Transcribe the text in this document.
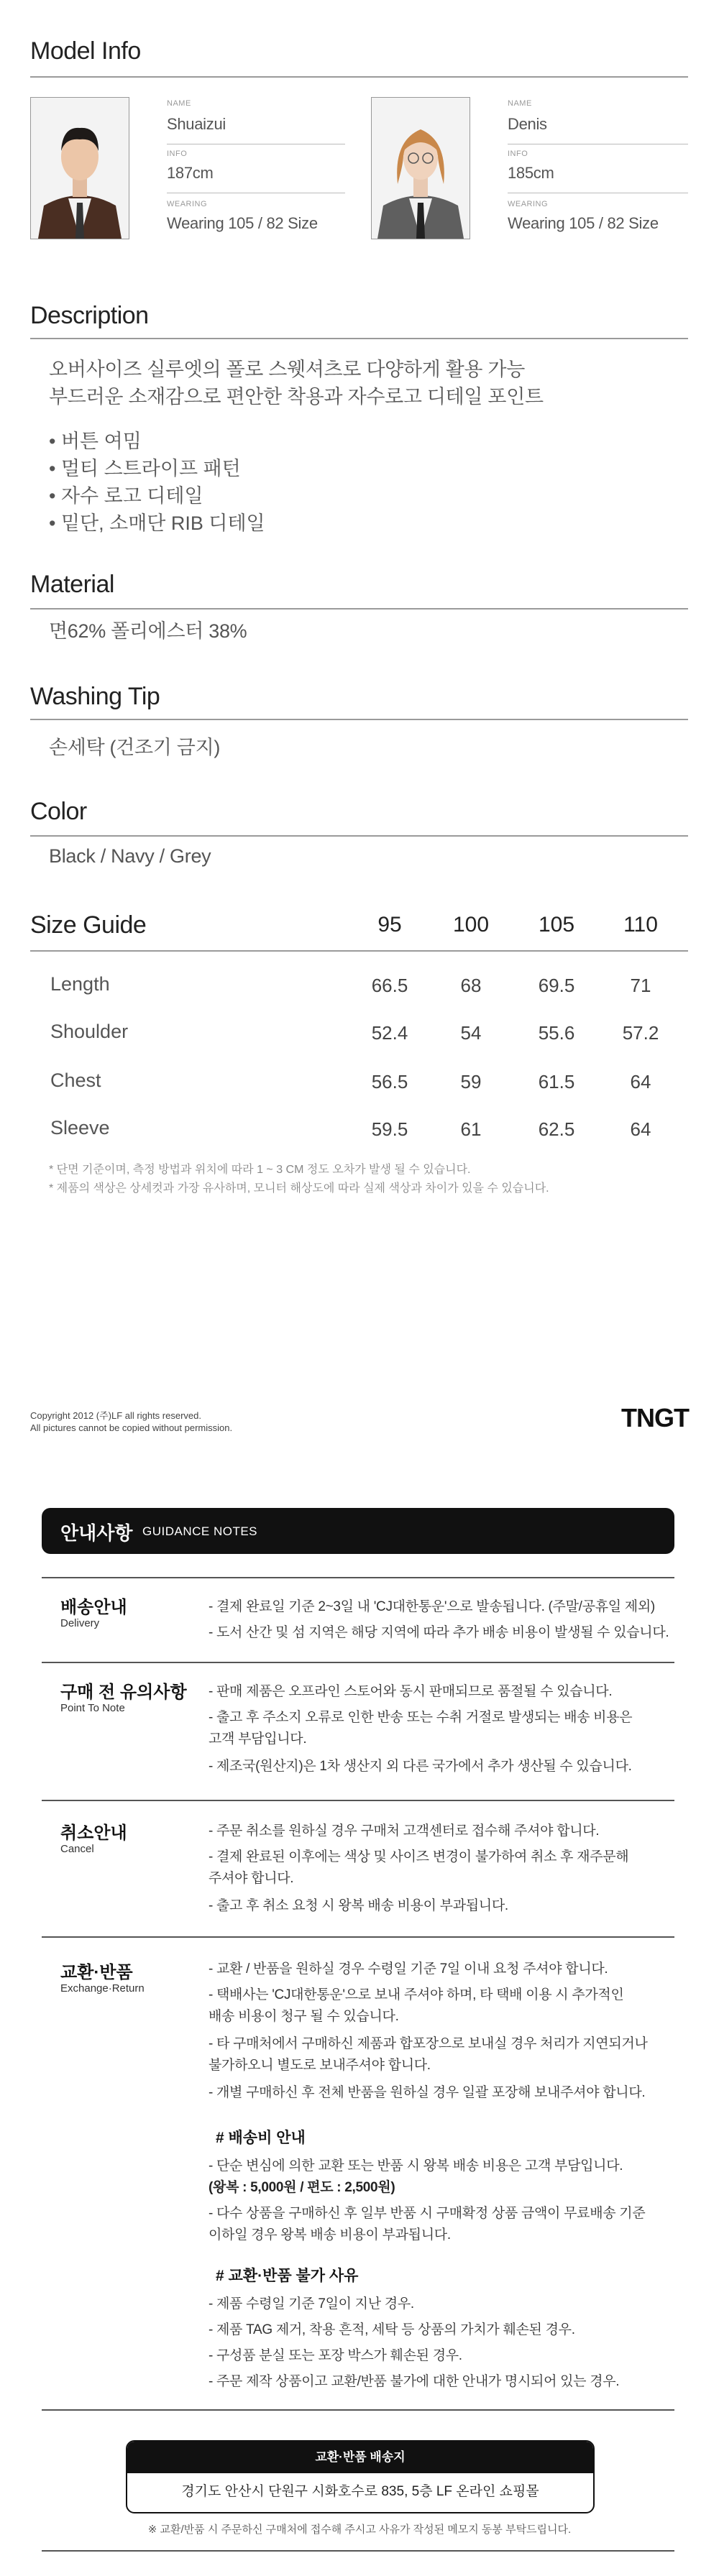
Model Info
NAME
Shuaizui
INFO
187cm
WEARING
Wearing 105 / 82 Size
NAME
Denis
INFO
185cm
WEARING
Wearing 105 / 82 Size
Description
오버사이즈 실루엣의 폴로 스웻셔츠로 다양하게 활용 가능
부드러운 소재감으로 편안한 착용과 자수로고 디테일 포인트
• 버튼 여밈
• 멀티 스트라이프 패턴
• 자수 로고 디테일
• 밑단, 소매단 RIB 디테일
Material
면62% 폴리에스터 38%
Washing Tip
손세탁 (건조기 금지)
Color
Black / Navy / Grey
Size Guide	95	100	105	110
Length	66.5	68	69.5	71
Shoulder	52.4	54	55.6	57.2
Chest	56.5	59	61.5	64
Sleeve	59.5	61	62.5	64
* 단면 기준이며, 측정 방법과 위치에 따라 1 ~ 3 CM 정도 오차가 발생 될 수 있습니다.
* 제품의 색상은 상세컷과 가장 유사하며, 모니터 해상도에 따라 실제 색상과 차이가 있을 수 있습니다.
Copyright 2012 (주)LF all rights reserved.
All pictures cannot be copied without permission.	TNGT
안내사항 GUIDANCE NOTES
배송안내
Delivery
- 결제 완료일 기준 2~3일 내 'CJ대한통운'으로 발송됩니다. (주말/공휴일 제외)
- 도서 산간 및 섬 지역은 해당 지역에 따라 추가 배송 비용이 발생될 수 있습니다.
구매 전 유의사항
Point To Note
- 판매 제품은 오프라인 스토어와 동시 판매되므로 품절될 수 있습니다.
- 출고 후 주소지 오류로 인한 반송 또는 수취 거절로 발생되는 배송 비용은
고객 부담입니다.
- 제조국(원산지)은 1차 생산지 외 다른 국가에서 추가 생산될 수 있습니다.
취소안내
Cancel
- 주문 취소를 원하실 경우 구매처 고객센터로 접수해 주셔야 합니다.
- 결제 완료된 이후에는 색상 및 사이즈 변경이 불가하여 취소 후 재주문해
주셔야 합니다.
- 출고 후 취소 요청 시 왕복 배송 비용이 부과됩니다.
교환·반품
Exchange·Return
- 교환 / 반품을 원하실 경우 수령일 기준 7일 이내 요청 주셔야 합니다.
- 택배사는 'CJ대한통운'으로 보내 주셔야 하며, 타 택배 이용 시 추가적인
배송 비용이 청구 될 수 있습니다.
- 타 구매처에서 구매하신 제품과 합포장으로 보내실 경우 처리가 지연되거나
불가하오니 별도로 보내주셔야 합니다.
- 개별 구매하신 후 전체 반품을 원하실 경우 일괄 포장해 보내주셔야 합니다.
# 배송비 안내
- 단순 변심에 의한 교환 또는 반품 시 왕복 배송 비용은 고객 부담입니다.
(왕복 : 5,000원 / 편도 : 2,500원)
- 다수 상품을 구매하신 후 일부 반품 시 구매확정 상품 금액이 무료배송 기준
이하일 경우 왕복 배송 비용이 부과됩니다.
# 교환·반품 불가 사유
- 제품 수령일 기준 7일이 지난 경우.
- 제품 TAG 제거, 착용 흔적, 세탁 등 상품의 가치가 훼손된 경우.
- 구성품 분실 또는 포장 박스가 훼손된 경우.
- 주문 제작 상품이고 교환/반품 불가에 대한 안내가 명시되어 있는 경우.
교환·반품 배송지
경기도 안산시 단원구 시화호수로 835, 5층 LF 온라인 쇼핑몰
※ 교환/반품 시 주문하신 구매처에 접수해 주시고 사유가 작성된 메모지 동봉 부탁드립니다.
